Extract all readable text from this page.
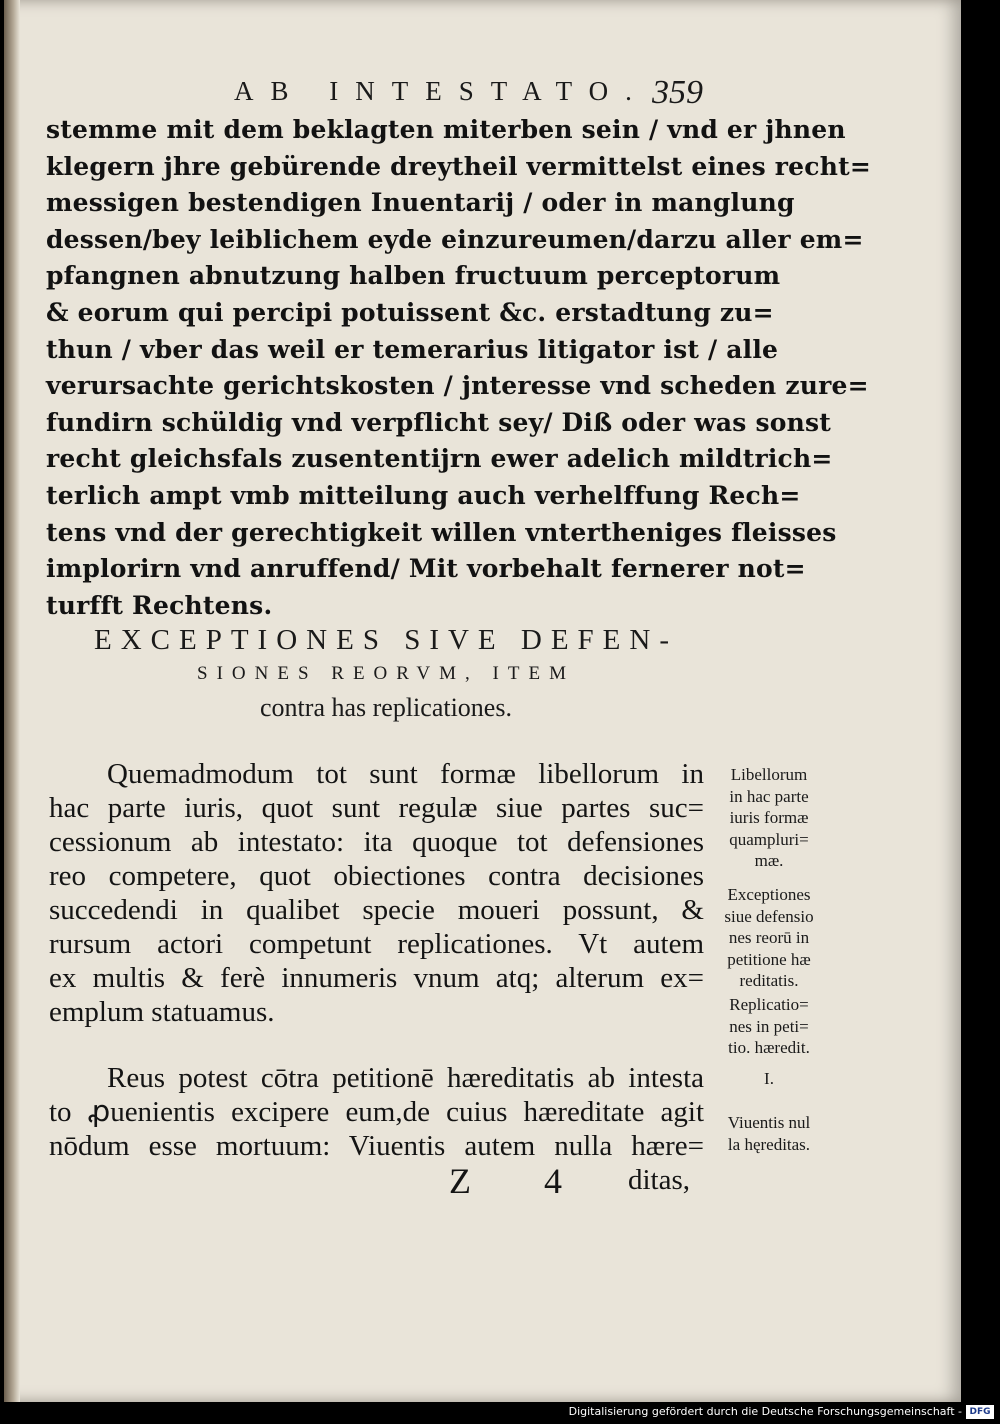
AB INTESTATO. 359
stemme mit dem beklagten miterben sein / vnd er jhnen
klegern jhre gebürende dreytheil vermittelst eines recht=
messigen bestendigen Inuentarij / oder in manglung
dessen/bey leiblichem eyde einzureumen/darzu aller em=
pfangnen abnutzung halben fructuum perceptorum
& eorum qui percipi potuissent &c. erstadtung zu=
thun / vber das weil er temerarius litigator ist / alle
verursachte gerichtskosten / jnteresse vnd scheden zure=
fundirn schüldig vnd verpflicht sey/ Diß oder was sonst
recht gleichsfals zusententijrn ewer adelich mildtrich=
terlich ampt vmb mitteilung auch verhelffung Rech=
tens vnd der gerechtigkeit willen vntertheniges fleisses
implorirn vnd anruffend/ Mit vorbehalt fernerer not=
turfft Rechtens.
EXCEPTIONES SIVE DEFEN-
SIONES REORVM, ITEM
contra has replicationes.
Quemadmodum tot sunt formæ libellorum in
hac parte iuris, quot sunt regulæ siue partes suc=
cessionum ab intestato: ita quoque tot defensiones
reo competere, quot obiectiones contra decisiones
succedendi in qualibet specie moueri possunt, &
rursum actori competunt replicationes. Vt autem
ex multis & ferè innumeris vnum atq; alterum ex=
emplum statuamus.
Reus potest cōtra petitionē hæreditatis ab intesta
to ꝓuenientis excipere eum,de cuius hæreditate agit
nōdum esse mortuum: Viuentis autem nulla hære=
Libellorum
in hac parte
iuris formæ
quampluri=
mæ.
Exceptiones
siue defensio
nes reorū in
petitione hæ
reditatis.
Replicatio=
nes in peti=
tio. hæredit.
I.
Viuentis nul
la hęreditas.
Z 4 ditas,
Digitalisierung gefördert durch die Deutsche Forschungsgemeinschaft - DFG
